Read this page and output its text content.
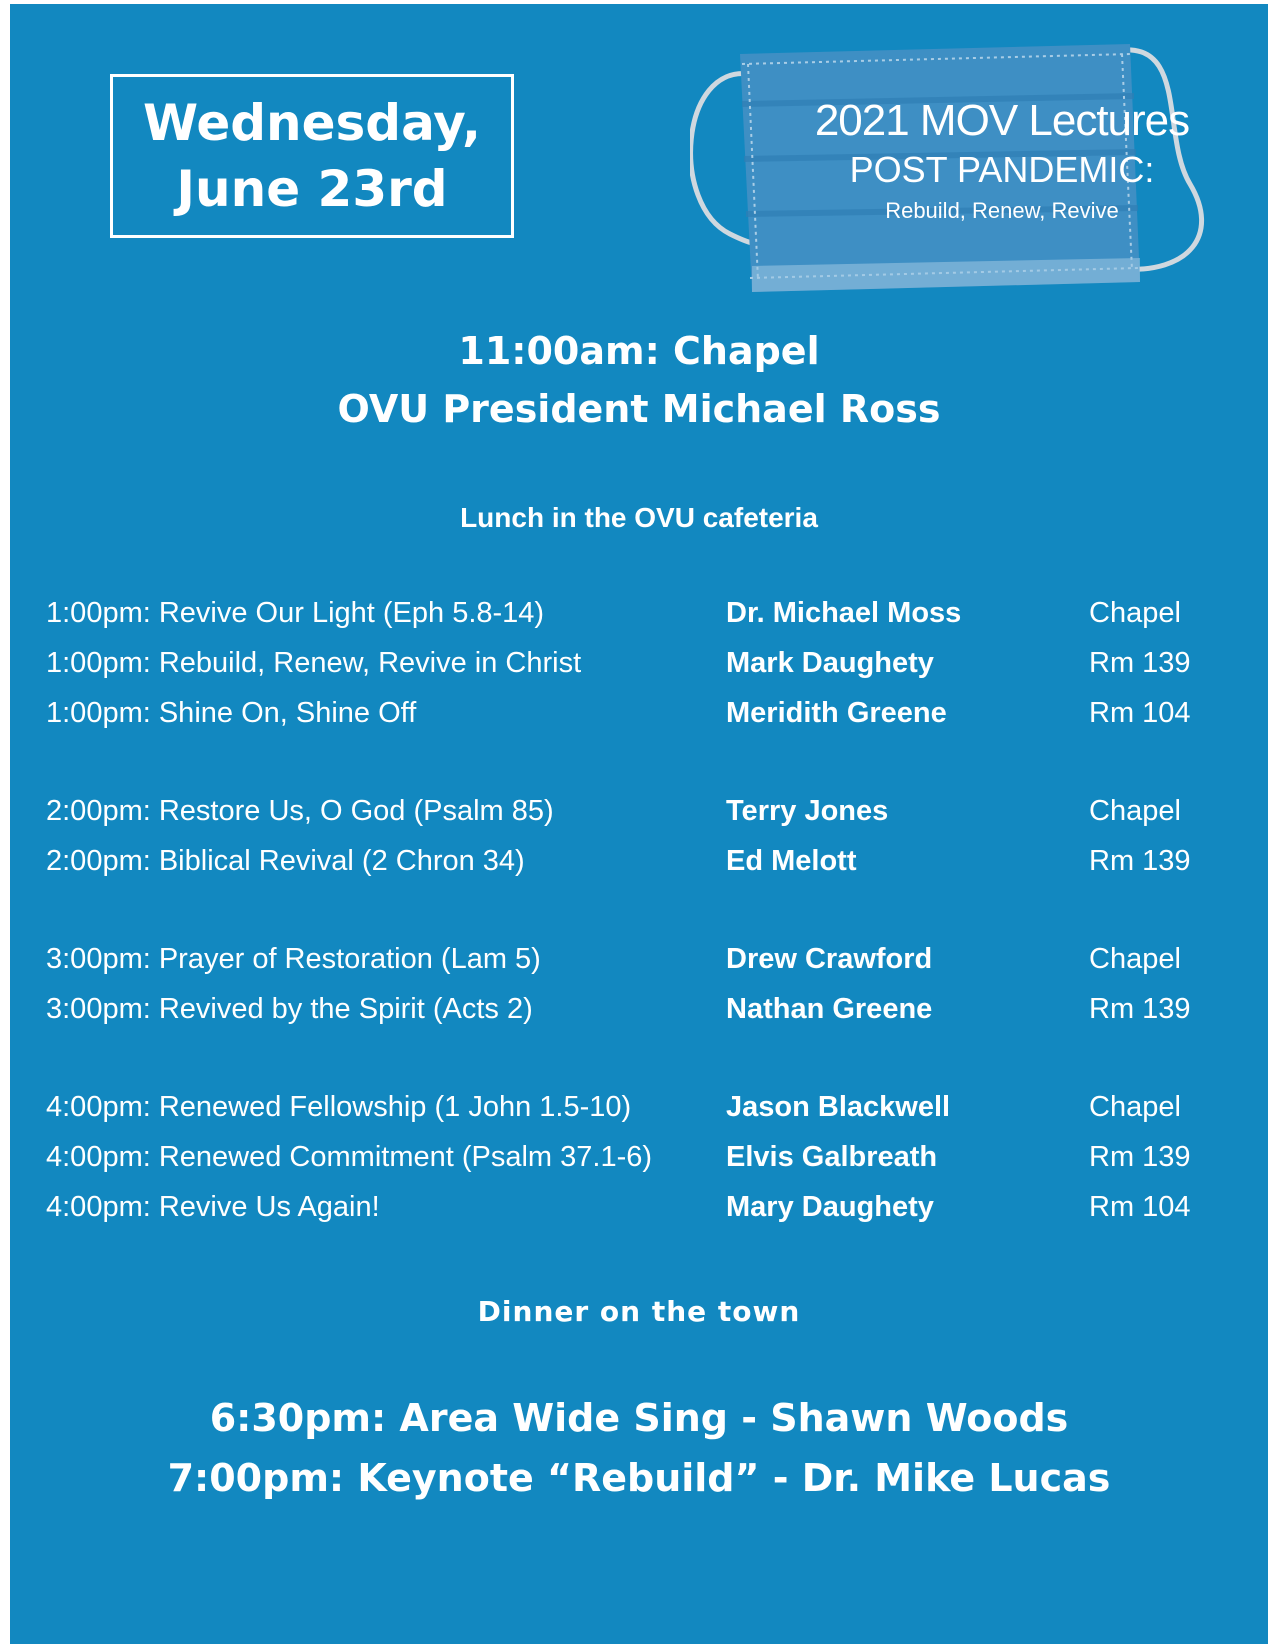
Wednesday,
June 23rd
2021 MOV Lectures
POST PANDEMIC:
Rebuild, Renew, Revive
11:00am: Chapel
OVU President Michael Ross
Lunch in the OVU cafeteria
1:00pm: Revive Our Light (Eph 5.8-14)	Dr. Michael Moss	Chapel
1:00pm: Rebuild, Renew, Revive in Christ	Mark Daughety	Rm 139
1:00pm: Shine On, Shine Off	Meridith Greene	Rm 104
2:00pm: Restore Us, O God (Psalm 85)	Terry Jones	Chapel
2:00pm: Biblical Revival (2 Chron 34)	Ed Melott	Rm 139
3:00pm: Prayer of Restoration (Lam 5)	Drew Crawford	Chapel
3:00pm: Revived by the Spirit (Acts 2)	Nathan Greene	Rm 139
4:00pm: Renewed Fellowship (1 John 1.5-10)	Jason Blackwell	Chapel
4:00pm: Renewed Commitment (Psalm 37.1-6)	Elvis Galbreath	Rm 139
4:00pm: Revive Us Again!	Mary Daughety	Rm 104
Dinner on the town
6:30pm: Area Wide Sing - Shawn Woods
7:00pm: Keynote “Rebuild” - Dr. Mike Lucas
